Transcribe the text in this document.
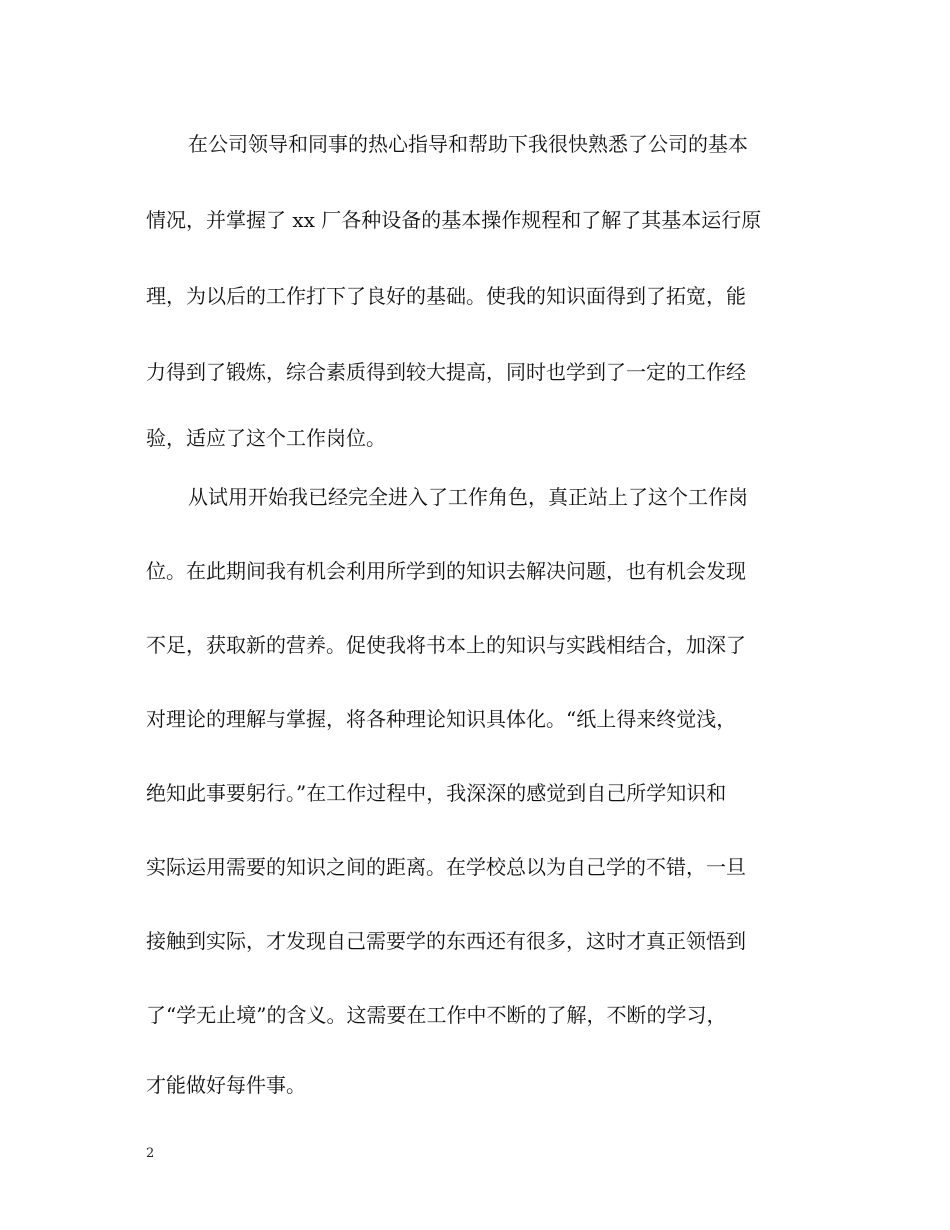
在公司领导和同事的热心指导和帮助下我很快熟悉了公司的基本
情况，并掌握了 xx 厂各种设备的基本操作规程和了解了其基本运行原
理，为以后的工作打下了良好的基础。使我的知识面得到了拓宽，能
力得到了锻炼，综合素质得到较大提高，同时也学到了一定的工作经
验，适应了这个工作岗位。
从试用开始我已经完全进入了工作角色，真正站上了这个工作岗
位。在此期间我有机会利用所学到的知识去解决问题，也有机会发现
不足，获取新的营养。促使我将书本上的知识与实践相结合，加深了
对理论的理解与掌握，将各种理论知识具体化。“纸上得来终觉浅，
绝知此事要躬行。”在工作过程中，我深深的感觉到自己所学知识和
实际运用需要的知识之间的距离。在学校总以为自己学的不错，一旦
接触到实际，才发现自己需要学的东西还有很多，这时才真正领悟到
了“学无止境”的含义。这需要在工作中不断的了解，不断的学习，
才能做好每件事。
2
